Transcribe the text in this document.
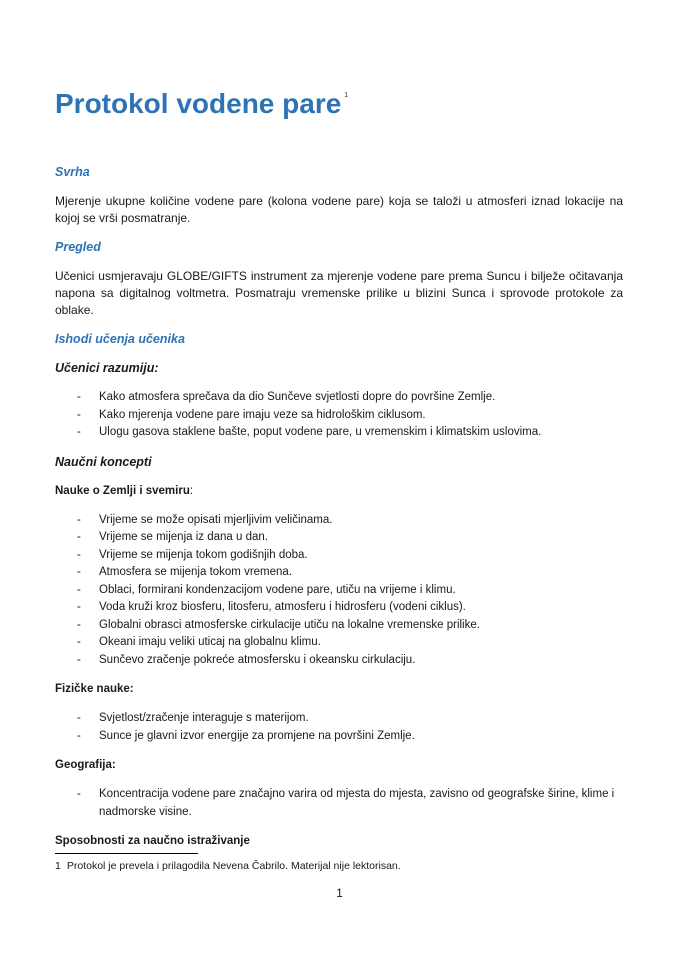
Protokol vodene pare $^1$
Svrha
Mjerenje ukupne količine vodene pare (kolona vodene pare) koja se taloži u atmosferi iznad lokacije na kojoj se vrši posmatranje.
Pregled
Učenici usmjeravaju GLOBE/GIFTS instrument za mjerenje vodene pare prema Suncu i bilježe očitavanja napona sa digitalnog voltmetra. Posmatraju vremenske prilike u blizini Sunca i sprovode protokole za oblake.
Ishodi učenja učenika
Učenici razumiju:
- Kako atmosfera sprečava da dio Sunčeve svjetlosti dopre do površine Zemlje.
- Kako mjerenja vodene pare imaju veze sa hidrološkim ciklusom.
- Ulogu gasova staklene bašte, poput vodene pare, u vremenskim i klimatskim uslovima.
Naučni koncepti
Nauke o Zemlji i svemiru:
- Vrijeme se može opisati mjerljivim veličinama.
- Vrijeme se mijenja iz dana u dan.
- Vrijeme se mijenja tokom godišnjih doba.
- Atmosfera se mijenja tokom vremena.
- Oblaci, formirani kondenzacijom vodene pare, utiču na vrijeme i klimu.
- Voda kruži kroz biosferu, litosferu, atmosferu i hidrosferu (vodeni ciklus).
- Globalni obrasci atmosferske cirkulacije utiču na lokalne vremenske prilike.
- Okeani imaju veliki uticaj na globalnu klimu.
- Sunčevo zračenje pokreće atmosfersku i okeansku cirkulaciju.
Fizičke nauke:
- Svjetlost/zračenje interaguje s materijom.
- Sunce je glavni izvor energije za promjene na površini Zemlje.
Geografija:
- Koncentracija vodene pare značajno varira od mjesta do mjesta, zavisno od geografske širine, klime i nadmorske visine.
Sposobnosti za naučno istraživanje
1 Protokol je prevela i prilagodila Nevena Čabrilo. Materijal nije lektorisan.
1
